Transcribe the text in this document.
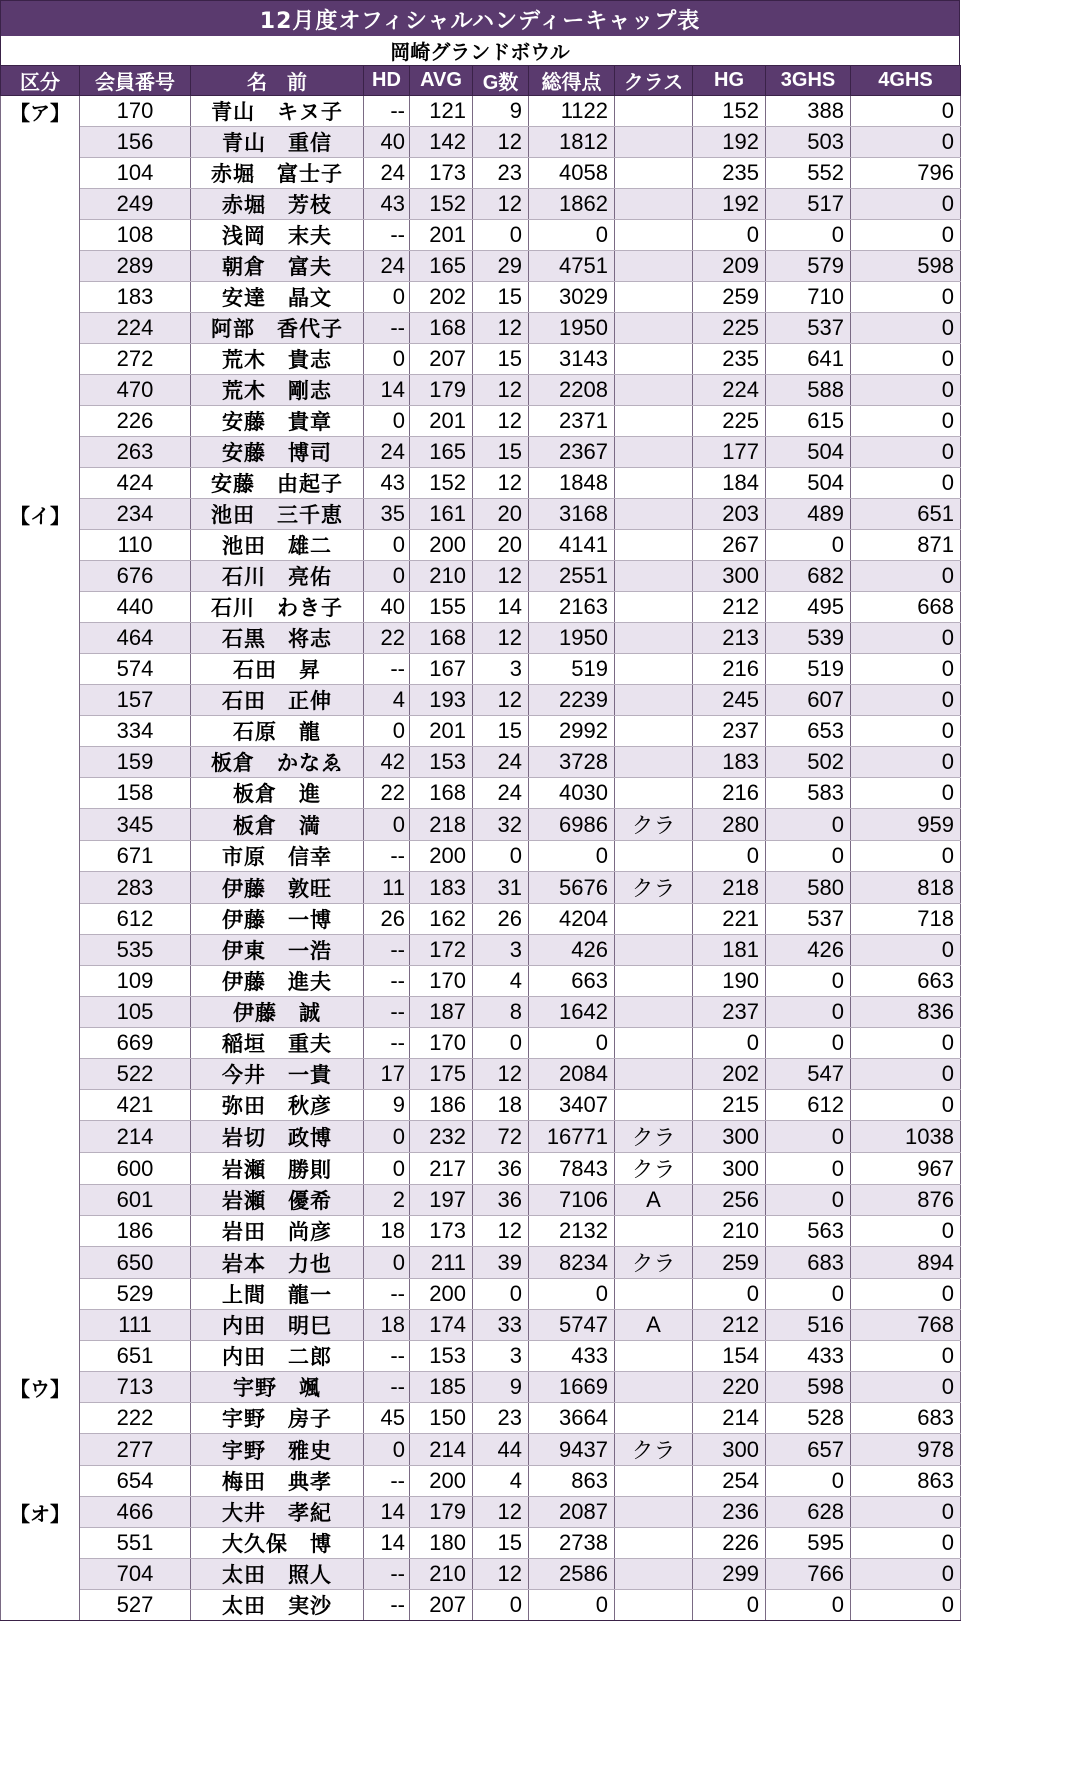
12月度オフィシャルハンディーキャップ表
岡崎グランドボウル
区分	会員番号	名　前	HD	AVG	G数	総得点	クラス	HG	3GHS	4GHS
【ア】	170	青山　キヌ子	--	121	9	1122		152	388	0
	156	青山　重信	40	142	12	1812		192	503	0
	104	赤堀　富士子	24	173	23	4058		235	552	796
	249	赤堀　芳枝	43	152	12	1862		192	517	0
	108	浅岡　末夫	--	201	0	0		0	0	0
	289	朝倉　富夫	24	165	29	4751		209	579	598
	183	安達　晶文	0	202	15	3029		259	710	0
	224	阿部　香代子	--	168	12	1950		225	537	0
	272	荒木　貴志	0	207	15	3143		235	641	0
	470	荒木　剛志	14	179	12	2208		224	588	0
	226	安藤　貴章	0	201	12	2371		225	615	0
	263	安藤　博司	24	165	15	2367		177	504	0
	424	安藤　由起子	43	152	12	1848		184	504	0
【イ】	234	池田　三千恵	35	161	20	3168		203	489	651
	110	池田　雄二	0	200	20	4141		267	0	871
	676	石川　亮佑	0	210	12	2551		300	682	0
	440	石川　わき子	40	155	14	2163		212	495	668
	464	石黒　将志	22	168	12	1950		213	539	0
	574	石田　昇	--	167	3	519		216	519	0
	157	石田　正伸	4	193	12	2239		245	607	0
	334	石原　龍	0	201	15	2992		237	653	0
	159	板倉　かなゑ	42	153	24	3728		183	502	0
	158	板倉　進	22	168	24	4030		216	583	0
	345	板倉　満	0	218	32	6986	クラ	280	0	959
	671	市原　信幸	--	200	0	0		0	0	0
	283	伊藤　敦旺	11	183	31	5676	クラ	218	580	818
	612	伊藤　一博	26	162	26	4204		221	537	718
	535	伊東　一浩	--	172	3	426		181	426	0
	109	伊藤　進夫	--	170	4	663		190	0	663
	105	伊藤　誠	--	187	8	1642		237	0	836
	669	稲垣　重夫	--	170	0	0		0	0	0
	522	今井　一貴	17	175	12	2084		202	547	0
	421	弥田　秋彦	9	186	18	3407		215	612	0
	214	岩切　政博	0	232	72	16771	クラ	300	0	1038
	600	岩瀬　勝則	0	217	36	7843	クラ	300	0	967
	601	岩瀬　優希	2	197	36	7106	A	256	0	876
	186	岩田　尚彦	18	173	12	2132		210	563	0
	650	岩本　力也	0	211	39	8234	クラ	259	683	894
	529	上間　龍一	--	200	0	0		0	0	0
	111	内田　明巳	18	174	33	5747	A	212	516	768
	651	内田　二郎	--	153	3	433		154	433	0
【ウ】	713	宇野　颯	--	185	9	1669		220	598	0
	222	宇野　房子	45	150	23	3664		214	528	683
	277	宇野　雅史	0	214	44	9437	クラ	300	657	978
	654	梅田　典孝	--	200	4	863		254	0	863
【オ】	466	大井　孝紀	14	179	12	2087		236	628	0
	551	大久保　博	14	180	15	2738		226	595	0
	704	太田　照人	--	210	12	2586		299	766	0
	527	太田　実沙	--	207	0	0		0	0	0
